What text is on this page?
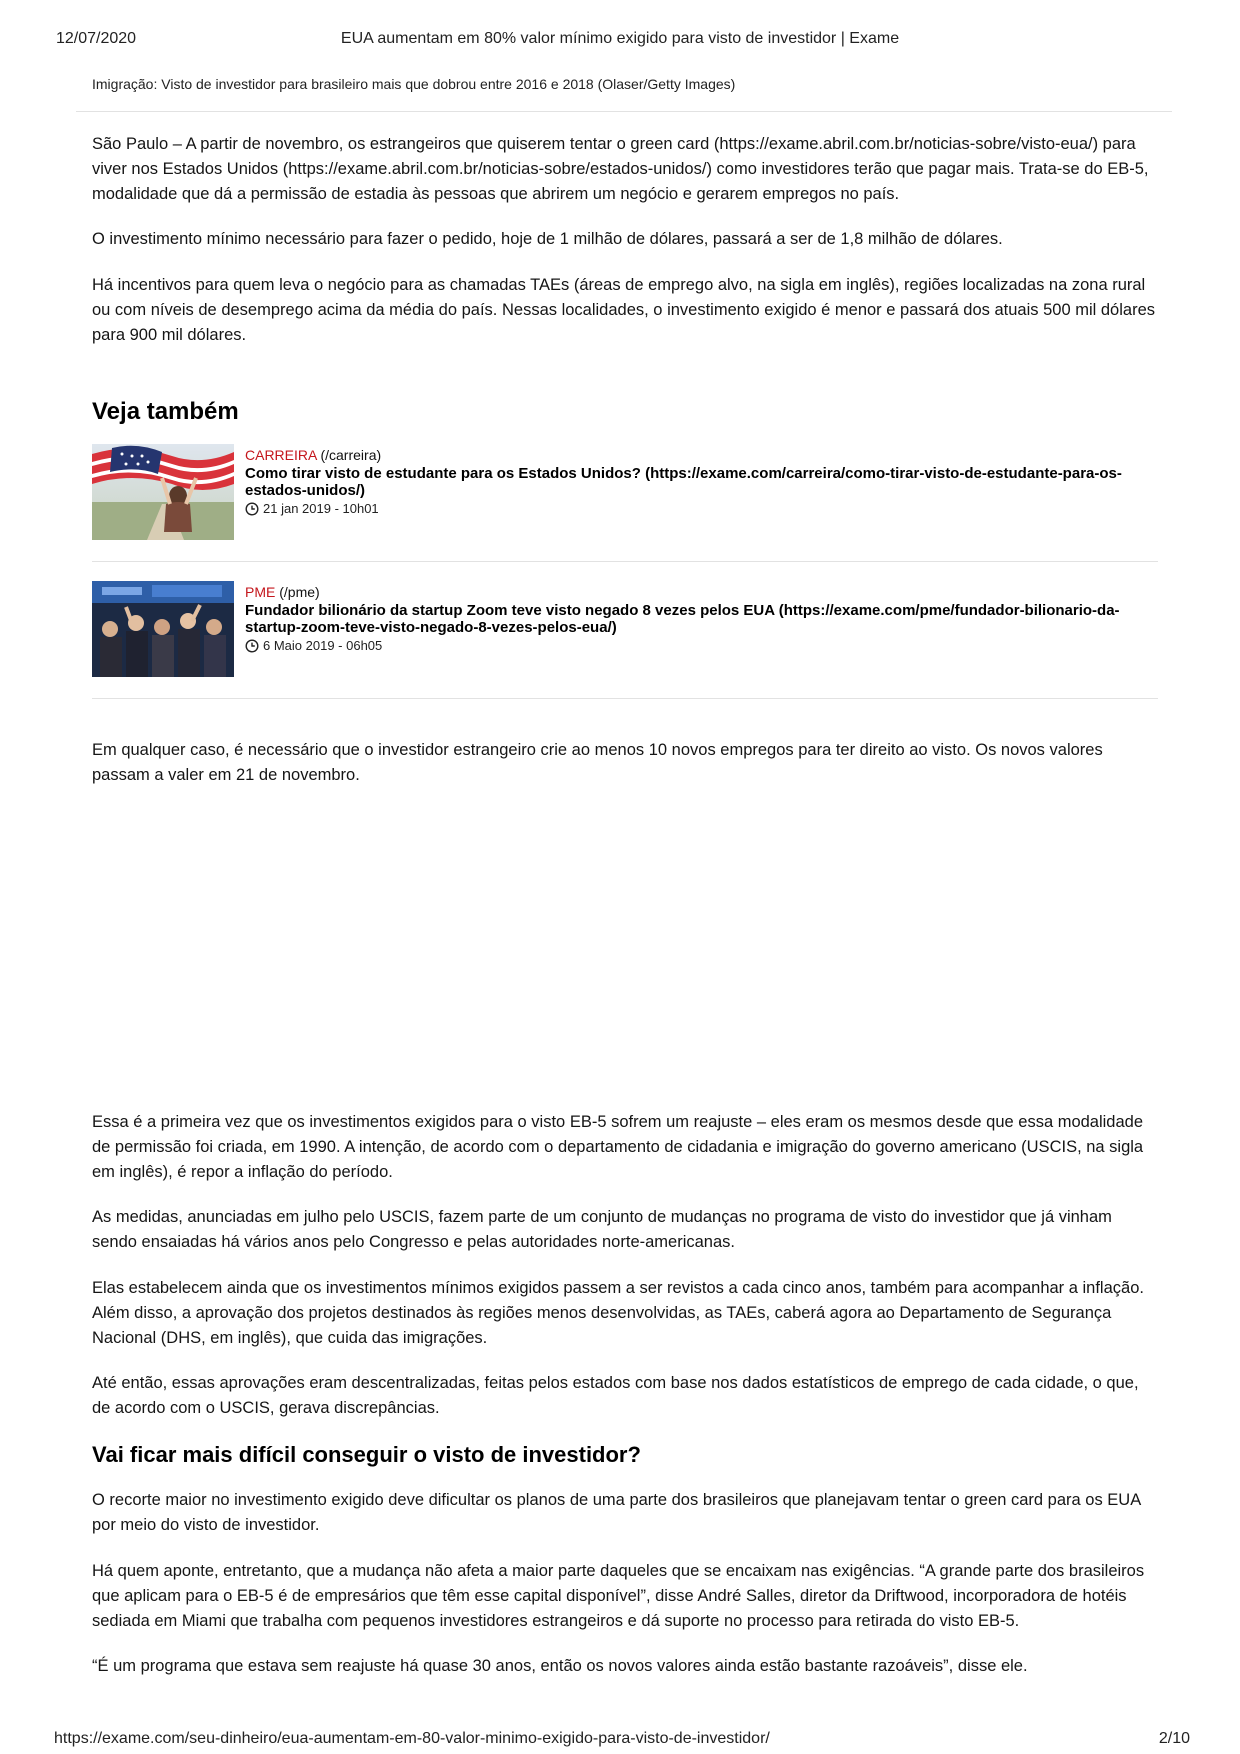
12/07/2020	EUA aumentam em 80% valor mínimo exigido para visto de investidor | Exame
Imigração: Visto de investidor para brasileiro mais que dobrou entre 2016 e 2018 (Olaser/Getty Images)

São Paulo – A partir de novembro, os estrangeiros que quiserem tentar o green card (https://exame.abril.com.br/noticias-sobre/visto-eua/) para viver nos Estados Unidos (https://exame.abril.com.br/noticias-sobre/estados-unidos/) como investidores terão que pagar mais. Trata-se do EB-5, modalidade que dá a permissão de estadia às pessoas que abrirem um negócio e gerarem empregos no país.

O investimento mínimo necessário para fazer o pedido, hoje de 1 milhão de dólares, passará a ser de 1,8 milhão de dólares.

Há incentivos para quem leva o negócio para as chamadas TAEs (áreas de emprego alvo, na sigla em inglês), regiões localizadas na zona rural ou com níveis de desemprego acima da média do país. Nessas localidades, o investimento exigido é menor e passará dos atuais 500 mil dólares para 900 mil dólares.

Veja também
CARREIRA (/carreira)
Como tirar visto de estudante para os Estados Unidos? (https://exame.com/carreira/como-tirar-visto-de-estudante-para-os-estados-unidos/)
21 jan 2019 - 10h01
PME (/pme)
Fundador bilionário da startup Zoom teve visto negado 8 vezes pelos EUA (https://exame.com/pme/fundador-bilionario-da-startup-zoom-teve-visto-negado-8-vezes-pelos-eua/)
6 Maio 2019 - 06h05

Em qualquer caso, é necessário que o investidor estrangeiro crie ao menos 10 novos empregos para ter direito ao visto. Os novos valores passam a valer em 21 de novembro.

Essa é a primeira vez que os investimentos exigidos para o visto EB-5 sofrem um reajuste – eles eram os mesmos desde que essa modalidade de permissão foi criada, em 1990. A intenção, de acordo com o departamento de cidadania e imigração do governo americano (USCIS, na sigla em inglês), é repor a inflação do período.

As medidas, anunciadas em julho pelo USCIS, fazem parte de um conjunto de mudanças no programa de visto do investidor que já vinham sendo ensaiadas há vários anos pelo Congresso e pelas autoridades norte-americanas.

Elas estabelecem ainda que os investimentos mínimos exigidos passem a ser revistos a cada cinco anos, também para acompanhar a inflação. Além disso, a aprovação dos projetos destinados às regiões menos desenvolvidas, as TAEs, caberá agora ao Departamento de Segurança Nacional (DHS, em inglês), que cuida das imigrações.

Até então, essas aprovações eram descentralizadas, feitas pelos estados com base nos dados estatísticos de emprego de cada cidade, o que, de acordo com o USCIS, gerava discrepâncias.

Vai ficar mais difícil conseguir o visto de investidor?

O recorte maior no investimento exigido deve dificultar os planos de uma parte dos brasileiros que planejavam tentar o green card para os EUA por meio do visto de investidor.

Há quem aponte, entretanto, que a mudança não afeta a maior parte daqueles que se encaixam nas exigências. “A grande parte dos brasileiros que aplicam para o EB-5 é de empresários que têm esse capital disponível”, disse André Salles, diretor da Driftwood, incorporadora de hotéis sediada em Miami que trabalha com pequenos investidores estrangeiros e dá suporte no processo para retirada do visto EB-5.

“É um programa que estava sem reajuste há quase 30 anos, então os novos valores ainda estão bastante razoáveis”, disse ele.

https://exame.com/seu-dinheiro/eua-aumentam-em-80-valor-minimo-exigido-para-visto-de-investidor/	2/10
